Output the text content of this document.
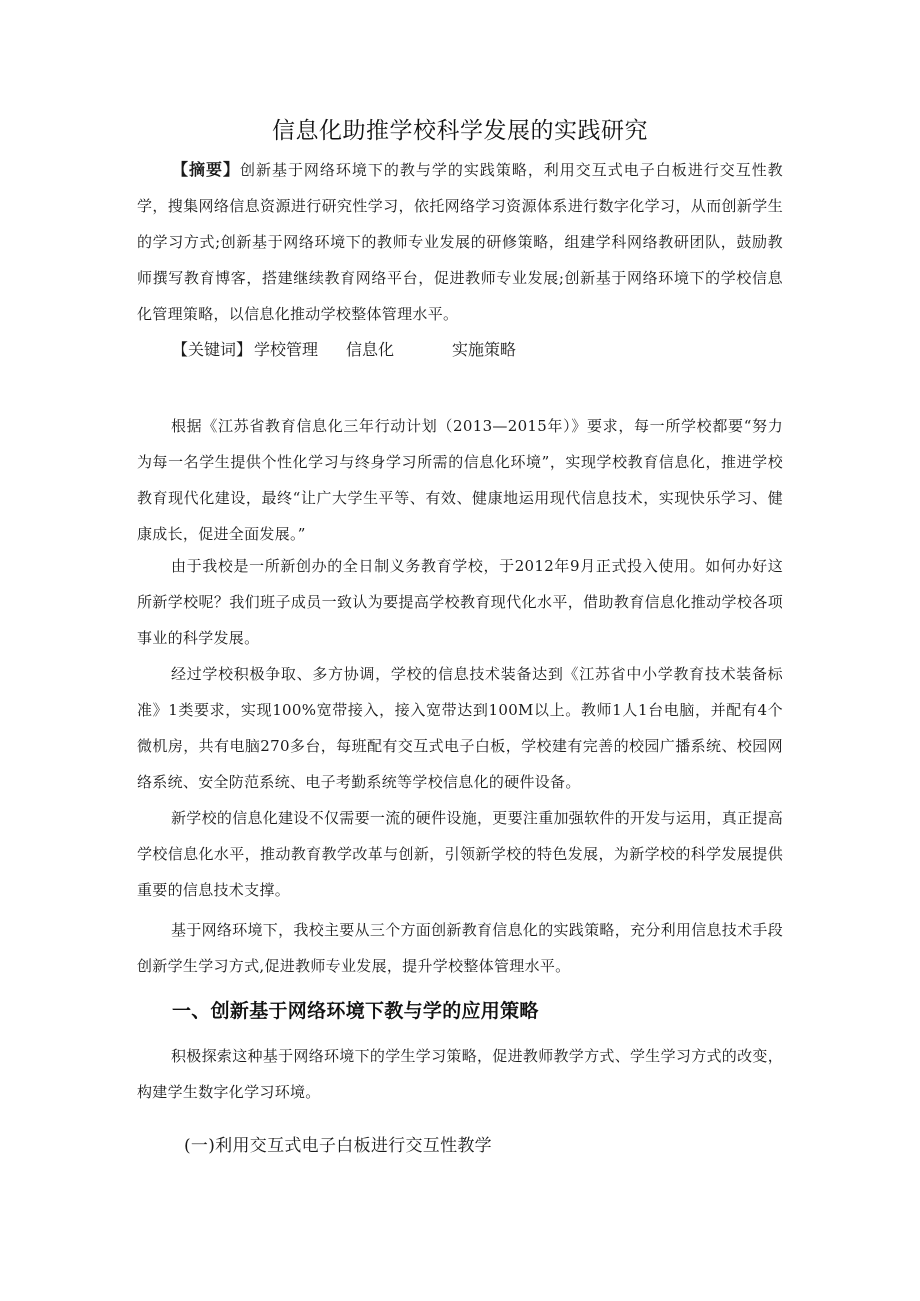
信息化助推学校科学发展的实践研究

【摘要】创新基于网络环境下的教与学的实践策略，利用交互式电子白板进行交互性教学，搜集网络信息资源进行研究性学习，依托网络学习资源体系进行数字化学习，从而创新学生的学习方式;创新基于网络环境下的教师专业发展的研修策略，组建学科网络教研团队，鼓励教师撰写教育博客，搭建继续教育网络平台，促进教师专业发展;创新基于网络环境下的学校信息化管理策略，以信息化推动学校整体管理水平。

【关键词】 学校管理 信息化	实施策略

根据《江苏省教育信息化三年行动计划（2013—2015年）》要求，每一所学校都要“努力为每一名学生提供个性化学习与终身学习所需的信息化环境”，实现学校教育信息化，推进学校教育现代化建设，最终“让广大学生平等、有效、健康地运用现代信息技术，实现快乐学习、健康成长，促进全面发展。”

由于我校是一所新创办的全日制义务教育学校，于2012年9月正式投入使用。如何办好这所新学校呢？我们班子成员一致认为要提高学校教育现代化水平，借助教育信息化推动学校各项事业的科学发展。

经过学校积极争取、多方协调，学校的信息技术装备达到《江苏省中小学教育技术装备标准》1类要求，实现100%宽带接入，接入宽带达到100M以上。教师1人1台电脑，并配有4个微机房，共有电脑270多台，每班配有交互式电子白板，学校建有完善的校园广播系统、校园网络系统、安全防范系统、电子考勤系统等学校信息化的硬件设备。

新学校的信息化建设不仅需要一流的硬件设施，更要注重加强软件的开发与运用，真正提高学校信息化水平，推动教育教学改革与创新，引领新学校的特色发展，为新学校的科学发展提供重要的信息技术支撑。

基于网络环境下，我校主要从三个方面创新教育信息化的实践策略，充分利用信息技术手段创新学生学习方式,促进教师专业发展，提升学校整体管理水平。

一、创新基于网络环境下教与学的应用策略

积极探索这种基于网络环境下的学生学习策略，促进教师教学方式、学生学习方式的改变，构建学生数字化学习环境。

(一)利用交互式电子白板进行交互性教学
